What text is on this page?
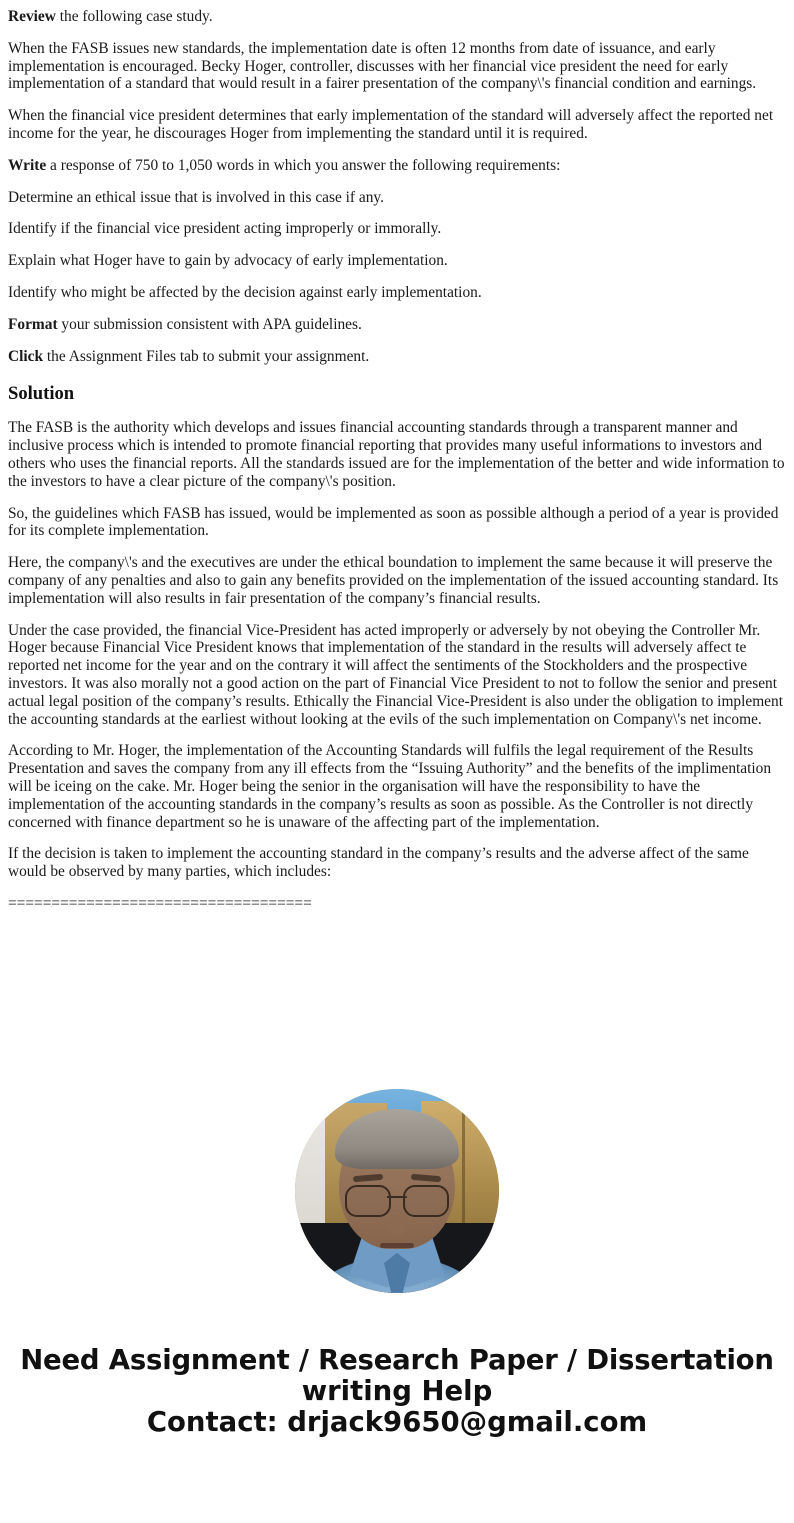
Review the following case study.

When the FASB issues new standards, the implementation date is often 12 months from date of issuance, and early implementation is encouraged. Becky Hoger, controller, discusses with her financial vice president the need for early implementation of a standard that would result in a fairer presentation of the company\'s financial condition and earnings.

When the financial vice president determines that early implementation of the standard will adversely affect the reported net income for the year, he discourages Hoger from implementing the standard until it is required.

Write a response of 750 to 1,050 words in which you answer the following requirements:

Determine an ethical issue that is involved in this case if any.

Identify if the financial vice president acting improperly or immorally.

Explain what Hoger have to gain by advocacy of early implementation.

Identify who might be affected by the decision against early implementation.

Format your submission consistent with APA guidelines.

Click the Assignment Files tab to submit your assignment.

Solution

The FASB is the authority which develops and issues financial accounting standards through a transparent manner and inclusive process which is intended to promote financial reporting that provides many useful informations to investors and others who uses the financial reports. All the standards issued are for the implementation of the better and wide information to the investors to have a clear picture of the company\'s position.

So, the guidelines which FASB has issued, would be implemented as soon as possible although a period of a year is provided for its complete implementation.

Here, the company\'s and the executives are under the ethical boundation to implement the same because it will preserve the company of any penalties and also to gain any benefits provided on the implementation of the issued accounting standard. Its implementation will also results in fair presentation of the company’s financial results.

Under the case provided, the financial Vice-President has acted improperly or adversely by not obeying the Controller Mr. Hoger because Financial Vice President knows that implementation of the standard in the results will adversely affect te reported net income for the year and on the contrary it will affect the sentiments of the Stockholders and the prospective investors. It was also morally not a good action on the part of Financial Vice President to not to follow the senior and present actual legal position of the company’s results. Ethically the Financial Vice-President is also under the obligation to implement the accounting standards at the earliest without looking at the evils of the such implementation on Company\'s net income.

According to Mr. Hoger, the implementation of the Accounting Standards will fulfils the legal requirement of the Results Presentation and saves the company from any ill effects from the “Issuing Authority” and the benefits of the implimentation will be iceing on the cake. Mr. Hoger being the senior in the organisation will have the responsibility to have the implementation of the accounting standards in the company’s results as soon as possible. As the Controller is not directly concerned with finance department so he is unaware of the affecting part of the implementation.

If the decision is taken to implement the accounting standard in the company’s results and the adverse affect of the same would be observed by many parties, which includes:

===================================
Need Assignment / Research Paper / Dissertation
writing Help
Contact: drjack9650@gmail.com
